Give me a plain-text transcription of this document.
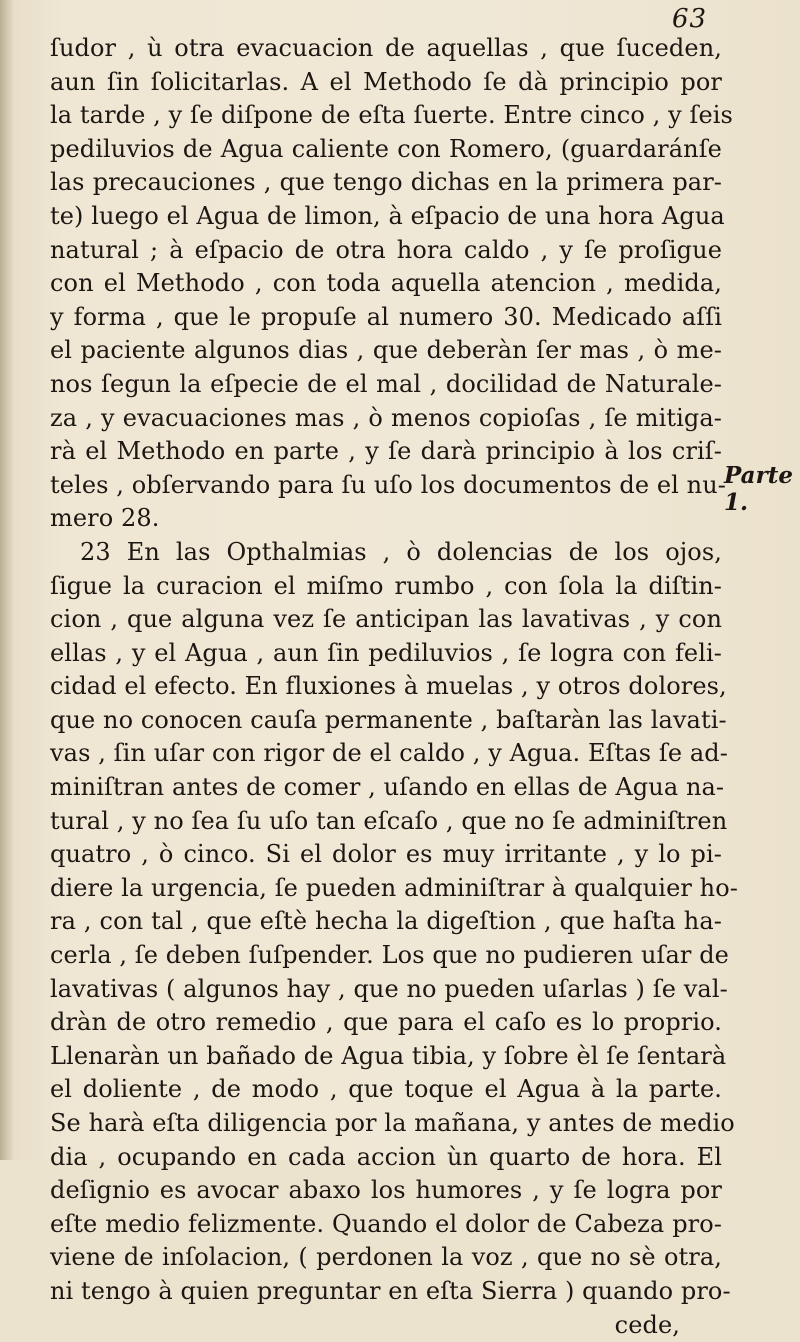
63
ſudor , ù otra evacuacion de aquellas , que ſuceden,
aun ſin ſolicitarlas. A el Methodo ſe dà principio por
la tarde , y ſe diſpone de eſta ſuerte. Entre cinco , y ſeis
pediluvios de Agua caliente con Romero, (guardaránſe
las precauciones , que tengo dichas en la primera par-
te) luego el Agua de limon, à eſpacio de una hora Agua
natural ; à eſpacio de otra hora caldo , y ſe proſigue
con el Methodo , con toda aquella atencion , medida,
y forma , que le propuſe al numero 30. Medicado aſſi
el paciente algunos dias , que deberàn ſer mas , ò me-
nos ſegun la eſpecie de el mal , docilidad de Naturale-
za , y evacuaciones mas , ò menos copioſas , ſe mitiga-
rà el Methodo en parte , y ſe darà principio à los criſ-
teles , obſervando para ſu uſo los documentos de el nu-
mero 28.
23 En las Opthalmias , ò dolencias de los ojos,
ſigue la curacion el miſmo rumbo , con ſola la diſtin-
cion , que alguna vez ſe anticipan las lavativas , y con
ellas , y el Agua , aun ſin pediluvios , ſe logra con feli-
cidad el efecto. En fluxiones à muelas , y otros dolores,
que no conocen cauſa permanente , baſtaràn las lavati-
vas , ſin uſar con rigor de el caldo , y Agua. Eſtas ſe ad-
miniſtran antes de comer , uſando en ellas de Agua na-
tural , y no ſea ſu uſo tan eſcaſo , que no ſe adminiſtren
quatro , ò cinco. Si el dolor es muy irritante , y lo pi-
diere la urgencia, ſe pueden adminiſtrar à qualquier ho-
ra , con tal , que eſtè hecha la digeſtion , que haſta ha-
cerla , ſe deben ſuſpender. Los que no pudieren uſar de
lavativas ( algunos hay , que no pueden uſarlas ) ſe val-
dràn de otro remedio , que para el caſo es lo proprio.
Llenaràn un bañado de Agua tibia, y ſobre èl ſe ſentarà
el doliente , de modo , que toque el Agua à la parte.
Se harà eſta diligencia por la mañana, y antes de medio
dia , ocupando en cada accion ùn quarto de hora. El
deſignio es avocar abaxo los humores , y ſe logra por
eſte medio felizmente. Quando el dolor de Cabeza pro-
viene de inſolacion, ( perdonen la voz , que no sè otra,
ni tengo à quien preguntar en eſta Sierra ) quando pro-
cede,
Parte 1.
